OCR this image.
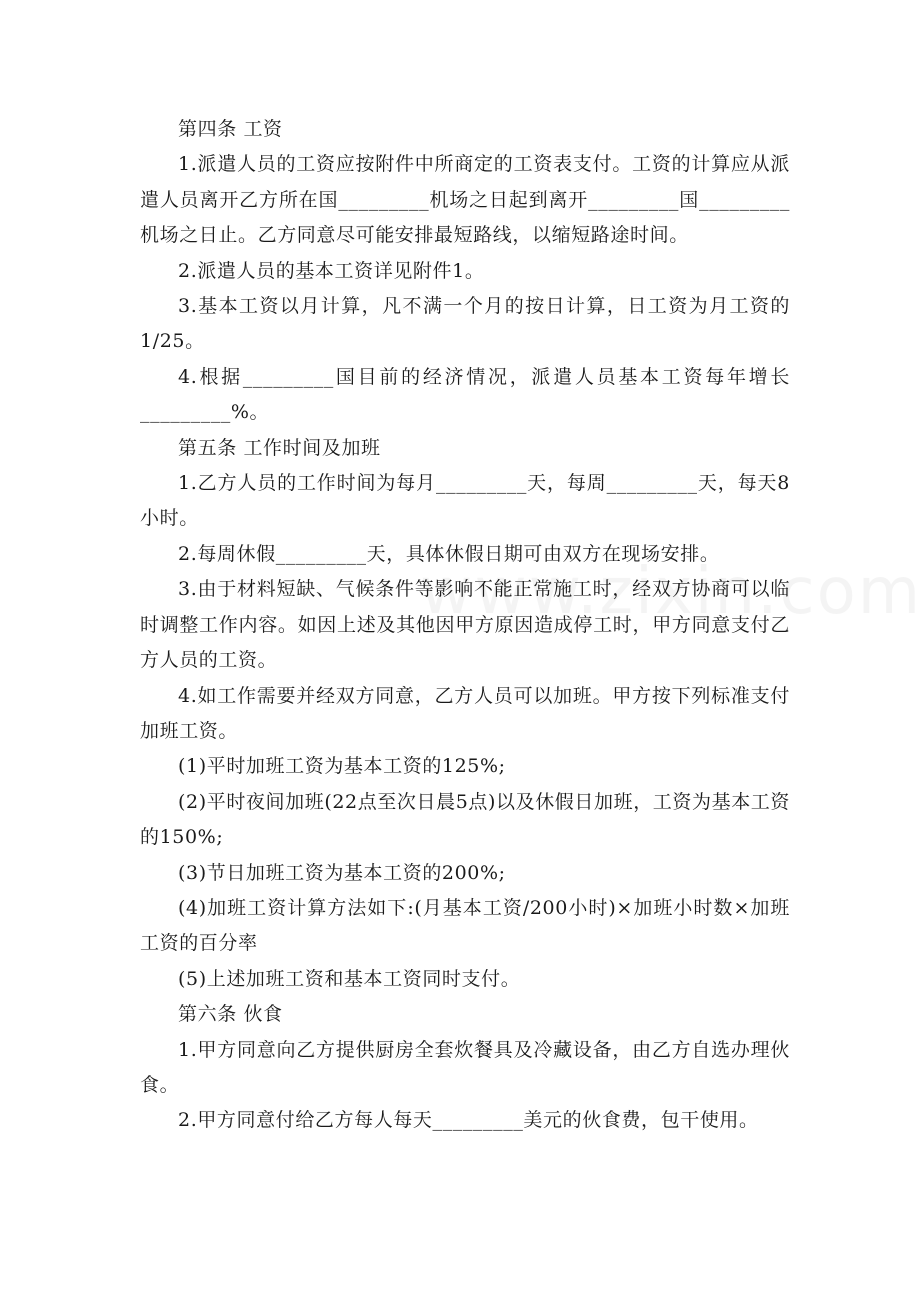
第四条 工资

1.派遣人员的工资应按附件中所商定的工资表支付。工资的计算应从派遣人员离开乙方所在国_________机场之日起到离开_________国_________机场之日止。乙方同意尽可能安排最短路线，以缩短路途时间。

2.派遣人员的基本工资详见附件1。

3.基本工资以月计算，凡不满一个月的按日计算，日工资为月工资的1/25。

4.根据_________国目前的经济情况，派遣人员基本工资每年增长_________%。

第五条 工作时间及加班

1.乙方人员的工作时间为每月_________天，每周_________天，每天8小时。

2.每周休假_________天，具体休假日期可由双方在现场安排。

3.由于材料短缺、气候条件等影响不能正常施工时，经双方协商可以临时调整工作内容。如因上述及其他因甲方原因造成停工时，甲方同意支付乙方人员的工资。

4.如工作需要并经双方同意，乙方人员可以加班。甲方按下列标准支付加班工资。

(1)平时加班工资为基本工资的125%;

(2)平时夜间加班(22点至次日晨5点)以及休假日加班，工资为基本工资的150%;

(3)节日加班工资为基本工资的200%;

(4)加班工资计算方法如下:(月基本工资/200小时)×加班小时数×加班工资的百分率

(5)上述加班工资和基本工资同时支付。

第六条 伙食

1.甲方同意向乙方提供厨房全套炊餐具及冷藏设备，由乙方自选办理伙食。

2.甲方同意付给乙方每人每天_________美元的伙食费，包干使用。
